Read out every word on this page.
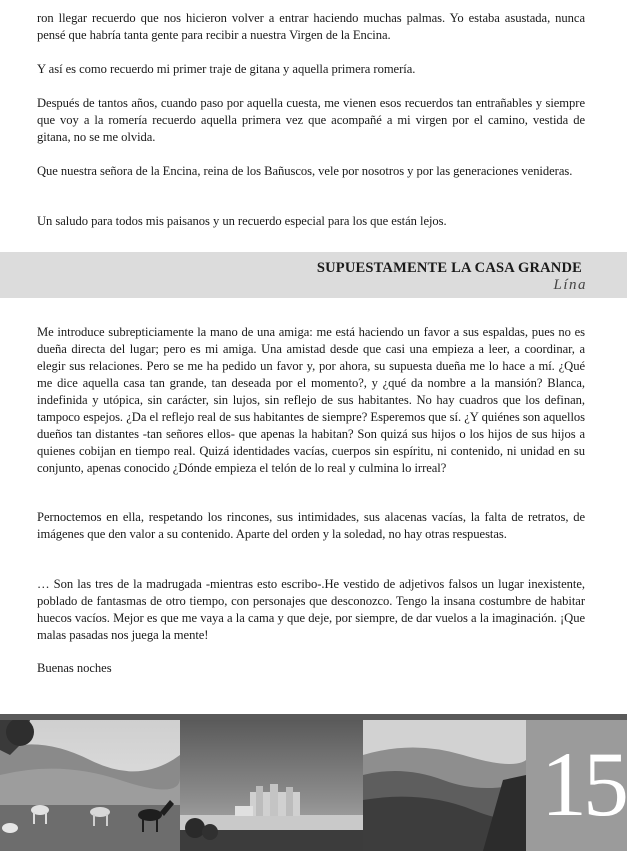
ron llegar recuerdo que nos hicieron volver a entrar haciendo muchas palmas. Yo estaba asustada, nunca pensé que habría tanta gente para recibir a nuestra Virgen de la Encina.

Y así es como recuerdo mi primer traje de gitana y aquella primera romería.

Después de tantos años, cuando paso por aquella cuesta, me vienen esos recuerdos tan entrañables y siempre que voy a la romería recuerdo aquella primera vez que acompañé a mi virgen por el camino, vestida de gitana, no se me olvida.

Que nuestra señora de la Encina, reina de los Bañuscos, vele por nosotros y por las generaciones venideras.

Un saludo para todos mis paisanos y un recuerdo especial para los que están lejos.

SUPUESTAMENTE LA CASA GRANDE
Lína

Me introduce subrepticiamente la mano de una amiga: me está haciendo un favor a sus espaldas, pues no es dueña directa del lugar; pero es mi amiga. Una amistad desde que casi una empieza a leer, a coordinar, a elegir sus relaciones. Pero se me ha pedido un favor y, por ahora, su supuesta dueña me lo hace a mí. ¿Qué me dice aquella casa tan grande, tan deseada por el momento?, y ¿qué da nombre a la mansión? Blanca, indefinida y utópica, sin carácter, sin lujos, sin reflejo de sus habitantes. No hay cuadros que los definan, tampoco espejos. ¿Da el reflejo real de sus habitantes de siempre? Esperemos que sí. ¿Y quiénes son aquellos dueños tan distantes -tan señores ellos- que apenas la habitan? Son quizá sus hijos o los hijos de sus hijos a quienes cobijan en tiempo real. Quizá identidades vacías, cuerpos sin espíritu, ni contenido, ni unidad en su conjunto, apenas conocido ¿Dónde empieza el telón de lo real y culmina lo irreal?

Pernoctemos en ella, respetando los rincones, sus intimidades, sus alacenas vacías, la falta de retratos, de imágenes que den valor a su contenido. Aparte del orden y la soledad, no hay otras respuestas.

… Son las tres de la madrugada -mientras esto escribo-.He vestido de adjetivos falsos un lugar inexistente, poblado de fantasmas de otro tiempo, con personajes que desconozco. Tengo la insana costumbre de habitar huecos vacíos. Mejor es que me vaya a la cama y que deje, por siempre, de dar vuelos a la imaginación. ¡Que malas pasadas nos juega la mente!

Buenas noches

15
